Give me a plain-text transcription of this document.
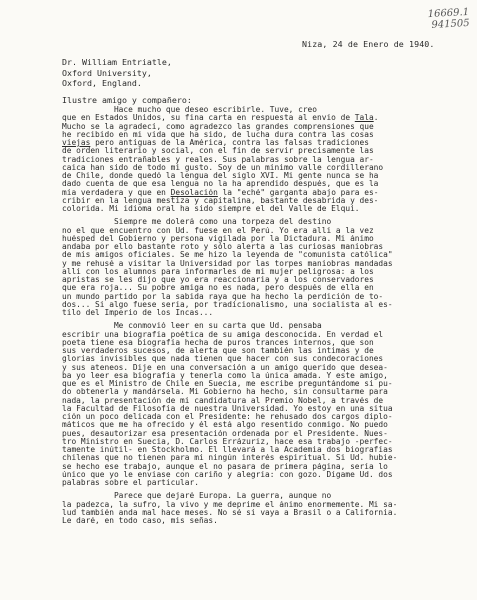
16669.1
941505
Niza, 24 de Enero de 1940.
Dr. William Entriatle,
Oxford University,
Oxford, England.
Ilustre amigo y compañero:
Hace mucho que deseo escribirle. Tuve, creo
que en Estados Unidos, su fina carta en respuesta al envío de Tala.
Mucho se la agradecí, como agradezco las grandes comprensiones que
he recibido en mi vida que ha sido, de lucha dura contra las cosas
viejas pero antiguas de la América, contra las falsas tradiciones
de orden literario y social, con el fin de servir precisamente las
tradiciones entrañables y reales. Sus palabras sobre la lengua ar-
caica han sido de todo mi gusto. Soy de un mínimo valle cordillerano
de Chile, donde quedó la lengua del siglo XVI. Mi gente nunca se ha
dado cuenta de que esa lengua no la ha aprendido después, que es la
mía verdadera y que en Desolación la "eché" garganta abajo para es-
cribir en la lengua mestiza y capitalina, bastante desabrida y des-
colorida. Mi idioma oral ha sido siempre el del Valle de Elqui.
Siempre me dolerá como una torpeza del destino
no el que encuentro con Ud. fuese en el Perú. Yo era allí a la vez
huésped del Gobierno y persona vigilada por la Dictadura. Mi ánimo
andaba por ello bastante roto y sólo alerta a las curiosas maniobras
de mis amigos oficiales. Se me hizo la leyenda de "comunista católica"
y me rehusé a visitar la Universidad por las torpes maniobras mandadas
allí con los alumnos para informarles de mi mujer peligrosa: a los
apristas se les dijo que yo era reaccionaria y a los conservadores
que era roja... Su pobre amiga no es nada, pero después de ella en
un mundo partido por la sabida raya que ha hecho la perdición de to-
dos... Si algo fuese sería, por tradicionalismo, una socialista al es-
tilo del Imperio de los Incas...
Me conmovió leer en su carta que Ud. pensaba
escribir una biografía poética de su amiga desconocida. En verdad el
poeta tiene esa biografía hecha de puros trances internos, que son
sus verdaderos sucesos, de alerta que son también las íntimas y de
glorias invisibles que nada tienen que hacer con sus condecoraciones
y sus ateneos. Dije en una conversación a un amigo querido que desea-
ba yo leer esa biografía y tenerla como la única amada. Y este amigo,
que es el Ministro de Chile en Suecia, me escribe preguntándome si pu-
do obtenerla y mandársela. Mi Gobierno ha hecho, sin consultarme para
nada, la presentación de mi candidatura al Premio Nobel, a través de
la Facultad de Filosofía de nuestra Universidad. Yo estoy en una situa
ción un poco delicada con el Presidente: he rehusado dos cargos diplo-
máticos que me ha ofrecido y él está algo resentido conmigo. No puedo
pues, desautorizar esa presentación ordenada por el Presidente. Nues-
tro Ministro en Suecia, D. Carlos Errázuriz, hace esa trabajo -perfec-
tamente inútil- en Stockholmo. Él llevará a la Academia dos biografías
chilenas que no tienen para mí ningún interés espiritual. Si Ud. hubie-
se hecho ese trabajo, aunque el no pasara de primera página, sería lo
único que yo le enviase con cariño y alegría: con gozo. Dígame Ud. dos
palabras sobre el particular.
Parece que dejaré Europa. La guerra, aunque no
la padezca, la sufro, la vivo y me deprime el ánimo enormemente. Mi sa-
lud también anda mal hace meses. No sé si vaya a Brasil o a California.
Le daré, en todo caso, mis señas.
